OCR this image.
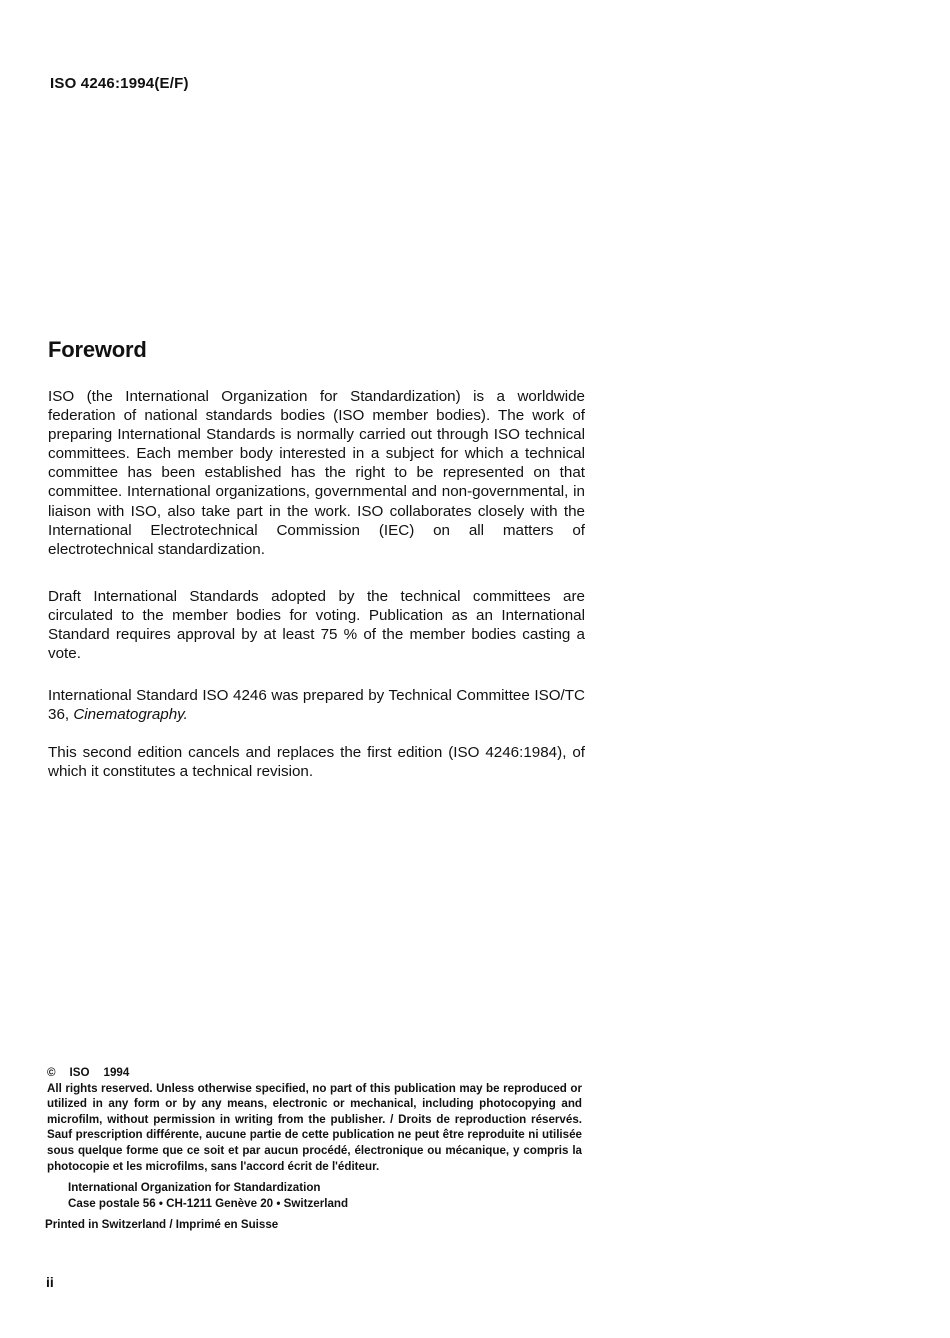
ISO 4246:1994(E/F)
Foreword

ISO (the International Organization for Standardization) is a worldwide federation of national standards bodies (ISO member bodies). The work of preparing International Standards is normally carried out through ISO technical committees. Each member body interested in a subject for which a technical committee has been established has the right to be represented on that committee. International organizations, governmental and non-governmental, in liaison with ISO, also take part in the work. ISO collaborates closely with the International Electrotechnical Commission (IEC) on all matters of electrotechnical standardization.

Draft International Standards adopted by the technical committees are circulated to the member bodies for voting. Publication as an International Standard requires approval by at least 75 % of the member bodies casting a vote.

International Standard ISO 4246 was prepared by Technical Committee ISO/TC 36, Cinematography.

This second edition cancels and replaces the first edition (ISO 4246:1984), of which it constitutes a technical revision.

© ISO 1994

All rights reserved. Unless otherwise specified, no part of this publication may be reproduced or utilized in any form or by any means, electronic or mechanical, including photocopying and microfilm, without permission in writing from the publisher. / Droits de reproduction réservés. Sauf prescription différente, aucune partie de cette publication ne peut être reproduite ni utilisée sous quelque forme que ce soit et par aucun procédé, électronique ou mécanique, y compris la photocopie et les microfilms, sans l'accord écrit de l'éditeur.

International Organization for Standardization
Case postale 56 • CH-1211 Genève 20 • Switzerland
Printed in Switzerland / Imprimé en Suisse
ii
